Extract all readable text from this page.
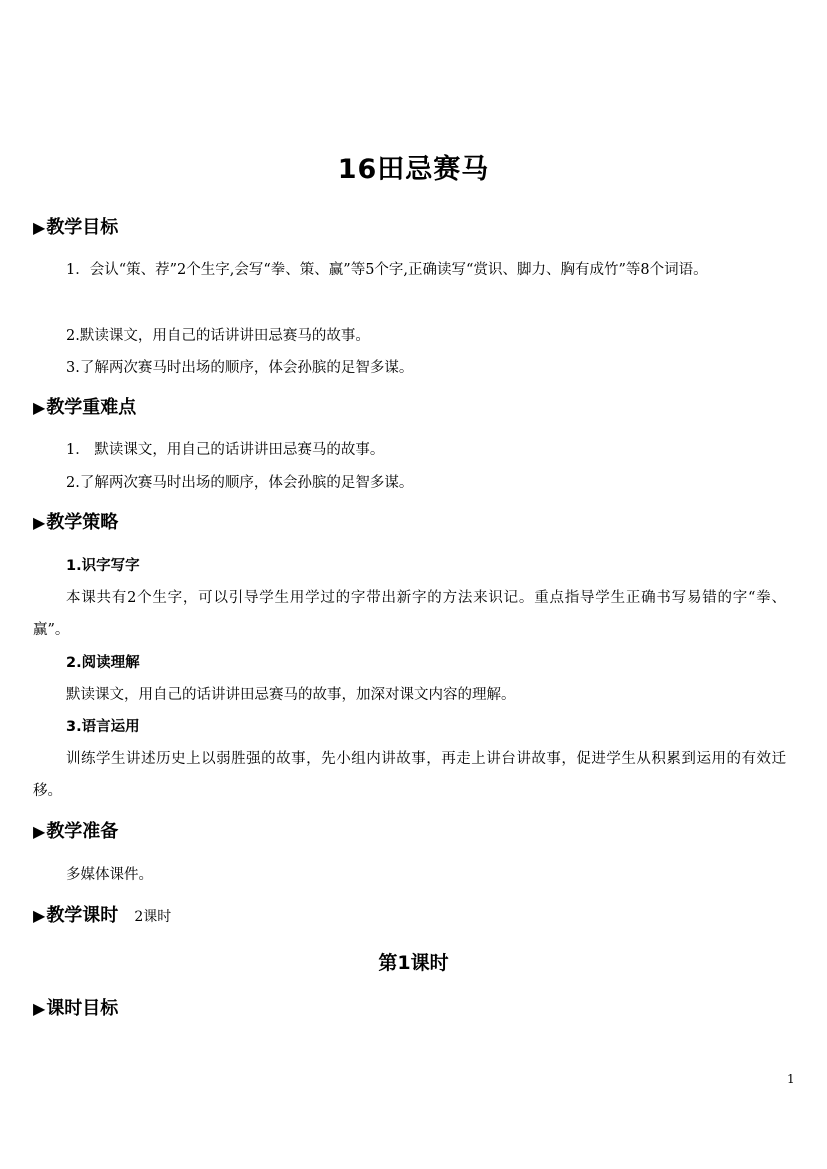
16田忌赛马
▶教学目标
1．会认“策、荐”2个生字,会写“拳、策、赢”等5个字,正确读写“赏识、脚力、胸有成竹”等8个词语。
2.默读课文，用自己的话讲讲田忌赛马的故事。
3.了解两次赛马时出场的顺序，体会孙膑的足智多谋。
▶教学重难点
1． 默读课文，用自己的话讲讲田忌赛马的故事。
2.了解两次赛马时出场的顺序，体会孙膑的足智多谋。
▶教学策略
1.识字写字
本课共有2个生字，可以引导学生用学过的字带出新字的方法来识记。重点指导学生正确书写易错的字“拳、赢”。
2.阅读理解
默读课文，用自己的话讲讲田忌赛马的故事，加深对课文内容的理解。
3.语言运用
训练学生讲述历史上以弱胜强的故事，先小组内讲故事，再走上讲台讲故事，促进学生从积累到运用的有效迁移。
▶教学准备
多媒体课件。
▶教学课时 2课时
第1课时
▶课时目标
1
